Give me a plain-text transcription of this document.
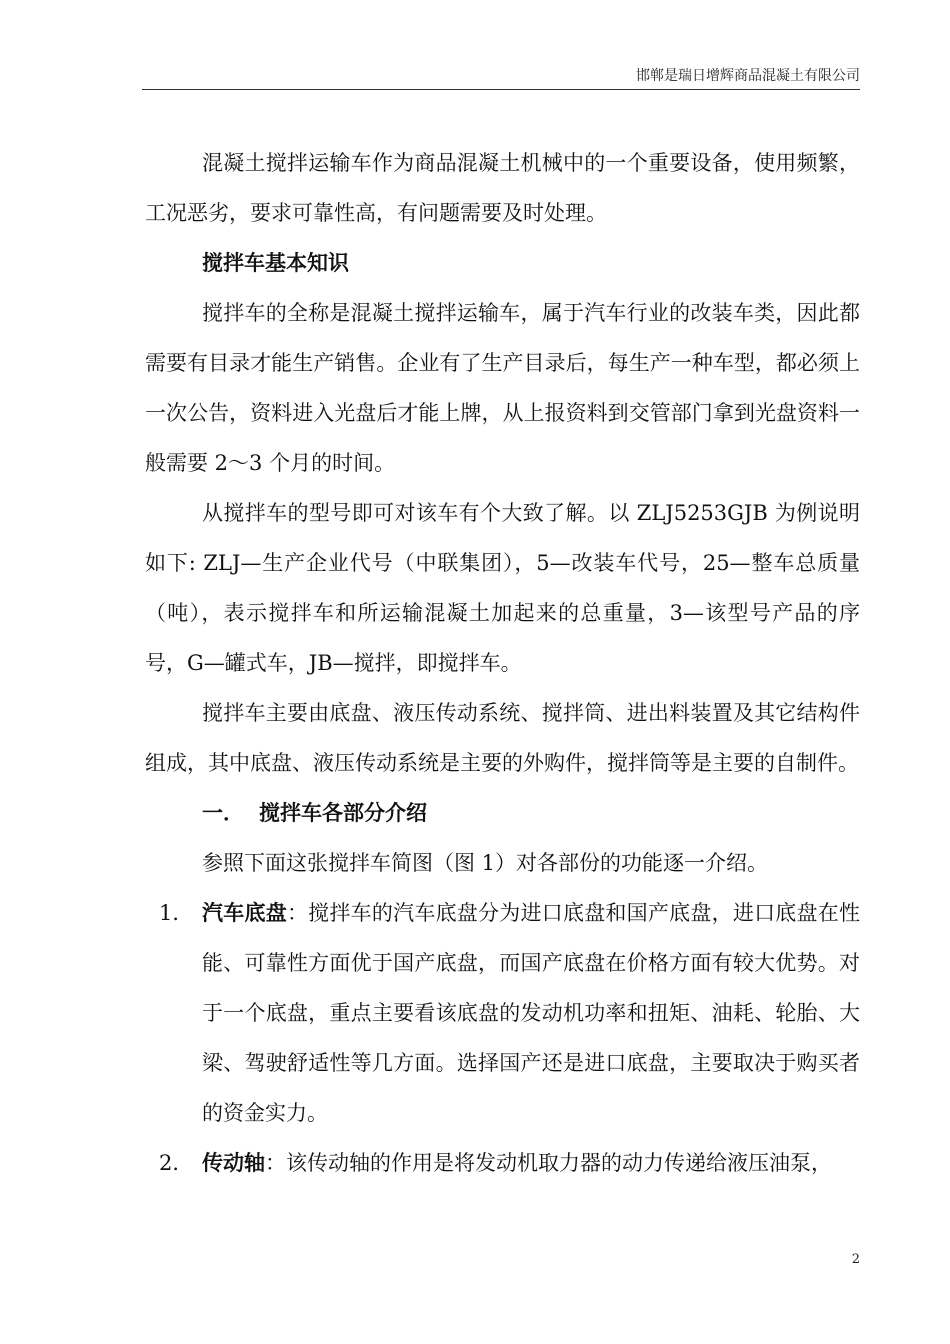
邯郸是瑞日增辉商品混凝土有限公司

混凝土搅拌运输车作为商品混凝土机械中的一个重要设备，使用频繁，工况恶劣，要求可靠性高，有问题需要及时处理。

搅拌车基本知识

搅拌车的全称是混凝土搅拌运输车，属于汽车行业的改装车类，因此都需要有目录才能生产销售。企业有了生产目录后，每生产一种车型，都必须上一次公告，资料进入光盘后才能上牌，从上报资料到交管部门拿到光盘资料一般需要 2～3 个月的时间。

从搅拌车的型号即可对该车有个大致了解。以 ZLJ5253GJB 为例说明如下: ZLJ—生产企业代号（中联集团），5—改装车代号，25—整车总质量（吨），表示搅拌车和所运输混凝土加起来的总重量，3—该型号产品的序号，G—罐式车，JB—搅拌，即搅拌车。

搅拌车主要由底盘、液压传动系统、搅拌筒、进出料装置及其它结构件组成，其中底盘、液压传动系统是主要的外购件，搅拌筒等是主要的自制件。

一． 搅拌车各部分介绍

参照下面这张搅拌车简图（图 1）对各部份的功能逐一介绍。

1． 汽车底盘：搅拌车的汽车底盘分为进口底盘和国产底盘，进口底盘在性能、可靠性方面优于国产底盘，而国产底盘在价格方面有较大优势。对于一个底盘，重点主要看该底盘的发动机功率和扭矩、油耗、轮胎、大梁、驾驶舒适性等几方面。选择国产还是进口底盘，主要取决于购买者的资金实力。

2． 传动轴：该传动轴的作用是将发动机取力器的动力传递给液压油泵，

2
